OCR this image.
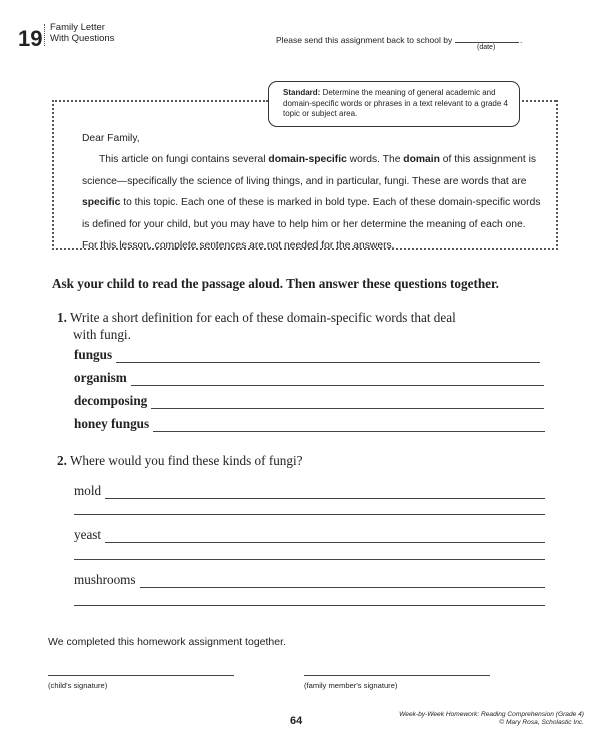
19 Family Letter
With Questions	Please send this assignment back to school by	.
(date)
Standard: Determine the meaning of general academic and domain-specific words or phrases in a text relevant to a grade 4 topic or subject area.

Dear Family,

This article on fungi contains several domain-specific words. The domain of this assignment is science—specifically the science of living things, and in particular, fungi. These are words that are specific to this topic. Each one of these is marked in bold type. Each of these domain-specific words is defined for your child, but you may have to help him or her determine the meaning of each one. For this lesson, complete sentences are not needed for the answers.

Ask your child to read the passage aloud. Then answer these questions together.
1. Write a short definition for each of these domain-specific words that deal
with fungi.
fungus
organism
decomposing
honey fungus
2. Where would you find these kinds of fungi?
mold
yeast
mushrooms
We completed this homework assignment together.
(child's signature)	(family member's signature)
64
Week-by-Week Homework: Reading Comprehension (Grade 4)
© Mary Rosa, Scholastic Inc.
